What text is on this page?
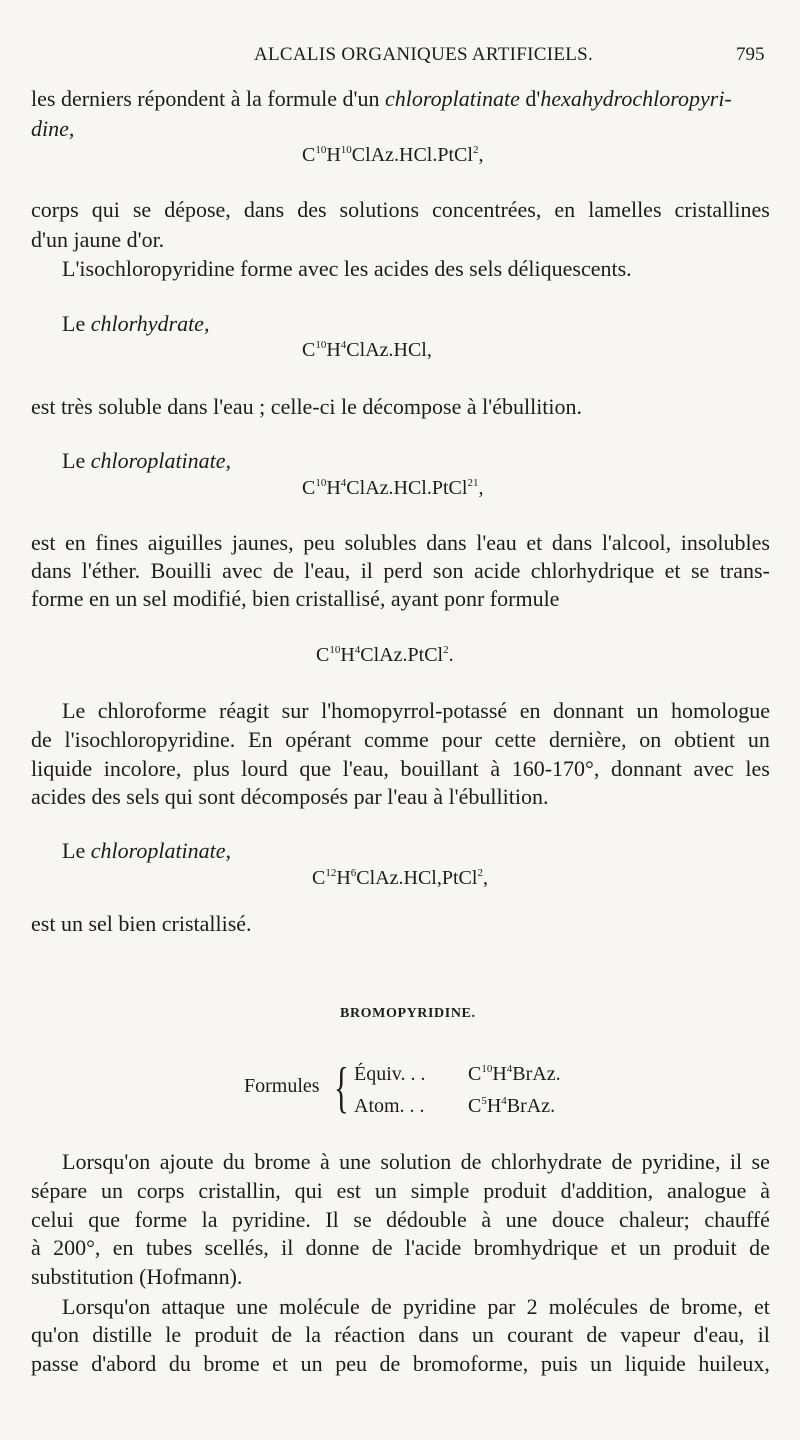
ALCALIS ORGANIQUES ARTIFICIELS.	795
les derniers répondent à la formule d'un chloroplatinate d'hexahydrochloropyri-
dine,
$C^{10}H^{10}ClAz.HCl.PtCl^2$,
corps qui se dépose, dans des solutions concentrées, en lamelles cristallines
d'un jaune d'or.
L'isochloropyridine forme avec les acides des sels déliquescents.
Le chlorhydrate,
$C^{10}H^4ClAz.HCl$,
est très soluble dans l'eau ; celle-ci le décompose à l'ébullition.
Le chloroplatinate,
$C^{10}H^4ClAz.HCl.PtCl^{21}$,
est en fines aiguilles jaunes, peu solubles dans l'eau et dans l'alcool, insolubles
dans l'éther. Bouilli avec de l'eau, il perd son acide chlorhydrique et se trans-
forme en un sel modifié, bien cristallisé, ayant ponr formule
$C^{10}H^4ClAz.PtCl^2$.
Le chloroforme réagit sur l'homopyrrol-potassé en donnant un homologue
de l'isochloropyridine. En opérant comme pour cette dernière, on obtient un
liquide incolore, plus lourd que l'eau, bouillant à 160-170°, donnant avec les
acides des sels qui sont décomposés par l'eau à l'ébullition.
Le chloroplatinate,
$C^{12}H^6ClAz.HCl,PtCl^2$,
est un sel bien cristallisé.
BROMOPYRIDINE.
Formules { Équiv. . . $C^{10}H^4BrAz$.
Atom. . . $C^5H^4BrAz$.
Lorsqu'on ajoute du brome à une solution de chlorhydrate de pyridine, il se
sépare un corps cristallin, qui est un simple produit d'addition, analogue à
celui que forme la pyridine. Il se dédouble à une douce chaleur; chauffé
à 200°, en tubes scellés, il donne de l'acide bromhydrique et un produit de
substitution (Hofmann).
Lorsqu'on attaque une molécule de pyridine par 2 molécules de brome, et
qu'on distille le produit de la réaction dans un courant de vapeur d'eau, il
passe d'abord du brome et un peu de bromoforme, puis un liquide huileux,
